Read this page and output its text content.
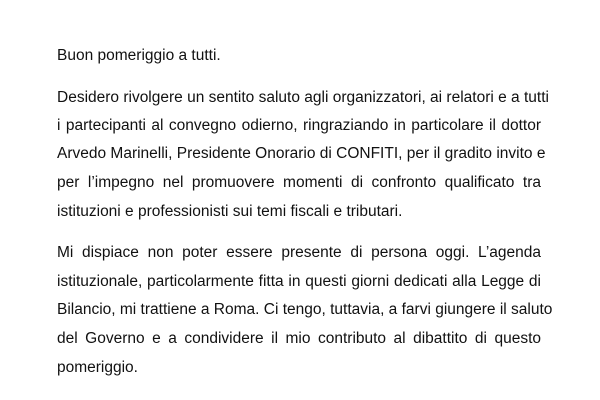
Buon pomeriggio a tutti.
Desidero rivolgere un sentito saluto agli organizzatori, ai relatori e a tutti
i partecipanti al convegno odierno, ringraziando in particolare il dottor
Arvedo Marinelli, Presidente Onorario di CONFITI, per il gradito invito e
per l’impegno nel promuovere momenti di confronto qualificato tra
istituzioni e professionisti sui temi fiscali e tributari.
Mi dispiace non poter essere presente di persona oggi. L’agenda
istituzionale, particolarmente fitta in questi giorni dedicati alla Legge di
Bilancio, mi trattiene a Roma. Ci tengo, tuttavia, a farvi giungere il saluto
del Governo e a condividere il mio contributo al dibattito di questo
pomeriggio.
